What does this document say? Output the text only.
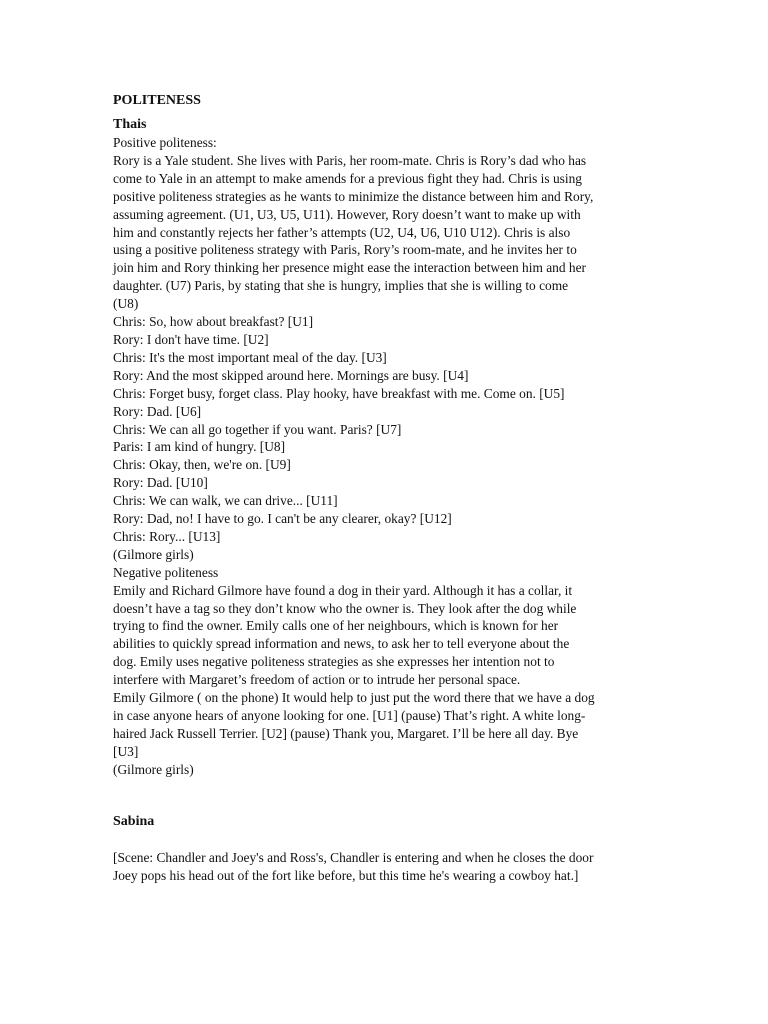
POLITENESS

Thais

Positive politeness:

Rory is a Yale student. She lives with Paris, her room-mate. Chris is Rory’s dad who has

come to Yale in an attempt to make amends for a previous fight they had. Chris is using

positive politeness strategies as he wants to minimize the distance between him and Rory,

assuming agreement. (U1, U3, U5, U11). However, Rory doesn’t want to make up with

him and constantly rejects her father’s attempts (U2, U4, U6, U10 U12). Chris is also

using a positive politeness strategy with Paris, Rory’s room-mate, and he invites her to

join him and Rory thinking her presence might ease the interaction between him and her

daughter. (U7) Paris, by stating that she is hungry, implies that she is willing to come

(U8)

Chris: So, how about breakfast? [U1]

Rory: I don't have time. [U2]

Chris: It's the most important meal of the day. [U3]

Rory: And the most skipped around here. Mornings are busy. [U4]

Chris: Forget busy, forget class. Play hooky, have breakfast with me. Come on. [U5]

Rory: Dad. [U6]

Chris: We can all go together if you want. Paris? [U7]

Paris: I am kind of hungry. [U8]

Chris: Okay, then, we're on. [U9]

Rory: Dad. [U10]

Chris: We can walk, we can drive... [U11]

Rory: Dad, no! I have to go. I can't be any clearer, okay? [U12]

Chris: Rory... [U13]

(Gilmore girls)

Negative politeness

Emily and Richard Gilmore have found a dog in their yard. Although it has a collar, it

doesn’t have a tag so they don’t know who the owner is. They look after the dog while

trying to find the owner. Emily calls one of her neighbours, which is known for her

abilities to quickly spread information and news, to ask her to tell everyone about the

dog. Emily uses negative politeness strategies as she expresses her intention not to

interfere with Margaret’s freedom of action or to intrude her personal space.

Emily Gilmore ( on the phone) It would help to just put the word there that we have a dog

in case anyone hears of anyone looking for one. [U1] (pause) That’s right. A white long-

haired Jack Russell Terrier. [U2] (pause) Thank you, Margaret. I’ll be here all day. Bye

[U3]

(Gilmore girls)

Sabina

[Scene: Chandler and Joey's and Ross's, Chandler is entering and when he closes the door

Joey pops his head out of the fort like before, but this time he's wearing a cowboy hat.]
